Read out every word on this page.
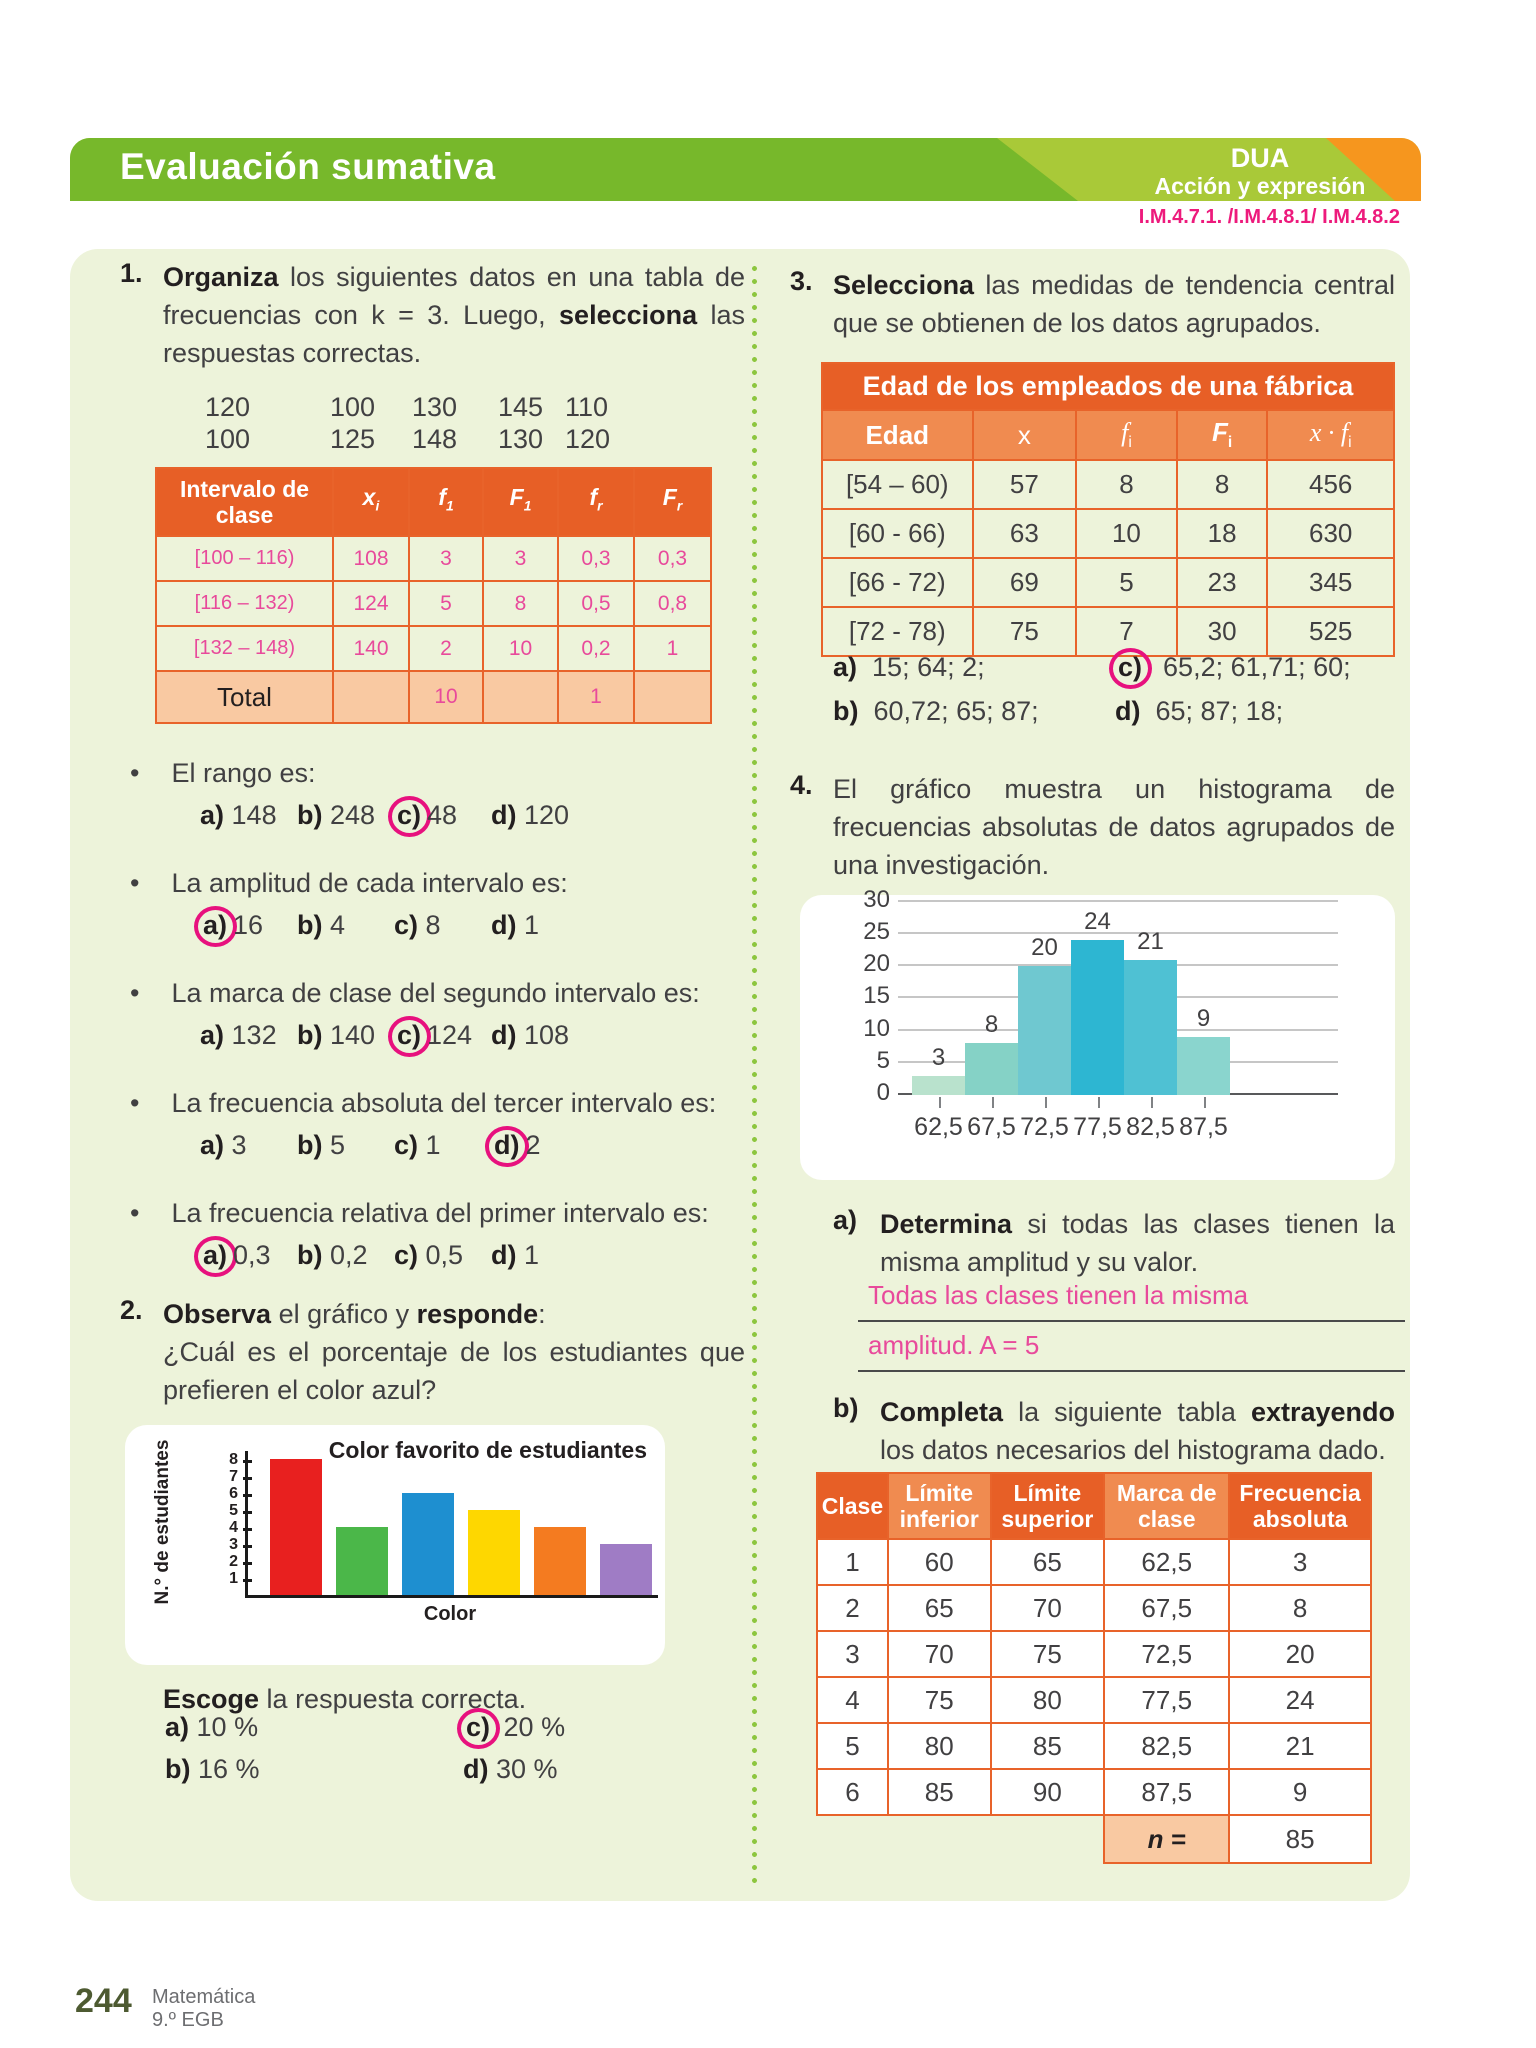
Evaluación sumativa	DUA
Acción y expresión
I.M.4.7.1. /I.M.4.8.1/ I.M.4.8.2
1. Organiza los siguientes datos en una tabla de frecuencias con k = 3. Luego, selecciona las respuestas correctas.

120	100 130 145 110
100	125 148 130 120
Intervalo de clase	$x_i$	$f_1$	$F_1$	$f_r$	$F_r$
[100 – 116)	108	3	3	0,3	0,3
[116 – 132)	124	5	8	0,5	0,8
[132 – 148)	140	2	10	0,2	1
Total		10		1	
• El rango es:
a) 148 b) 248 c) 48	d) 120
• La amplitud de cada intervalo es:
a) 16	b) 4	c) 8	d) 1
• La marca de clase del segundo intervalo es:
a) 132 b) 140 c) 124 d) 108
• La frecuencia absoluta del tercer intervalo es:
a) 3	b) 5	c) 1	d) 2
• La frecuencia relativa del primer intervalo es:
a) 0,3 b) 0,2 c) 0,5	d) 1
2. Observa el gráfico y responde:
¿Cuál es el porcentaje de los estudiantes que prefieren el color azul?

Color favorito de estudiantes
N.° de estudiantes	1
2
3
4
5
6
7
8
Color

Escoge la respuesta correcta.

a) 10 %	c) 20 %
b) 16 %	d) 30 %
3. Selecciona las medidas de tendencia central que se obtienen de los datos agrupados.

Edad de los empleados de una fábrica				
Edad	x	$f_i$	$F_i$	$x \cdot f_i$
[54 – 60)	57	8	8	456
[60 - 66)	63	10	18	630
[66 - 72)	69	5	23	345
[72 - 78)	75	7	30	525
a) 15; 64; 2;	c) 65,2; 61,71; 60;
b) 60,72; 65; 87;	d) 65; 87; 18;
4. El gráfico muestra un histograma de frecuencias absolutas de datos agrupados de una investigación.

0
5
10
15
20
25
30
3
62,5
8
67,5
20
72,5
24
77,5
21
82,5
9
87,5
a) Determina si todas las clases tienen la misma amplitud y su valor.

Todas las clases tienen la misma
amplitud. A = 5
b) Completa la siguiente tabla extrayendo los datos necesarios del histograma dado.

Clase	Límite inferior	Límite superior	Marca de clase	Frecuencia absoluta
1	60	65	62,5	3
2	65	70	67,5	8
3	70	75	72,5	20
4	75	80	77,5	24
5	80	85	82,5	21
6	85	90	87,5	9
			n =	85
244 Matemática
9.º EGB
